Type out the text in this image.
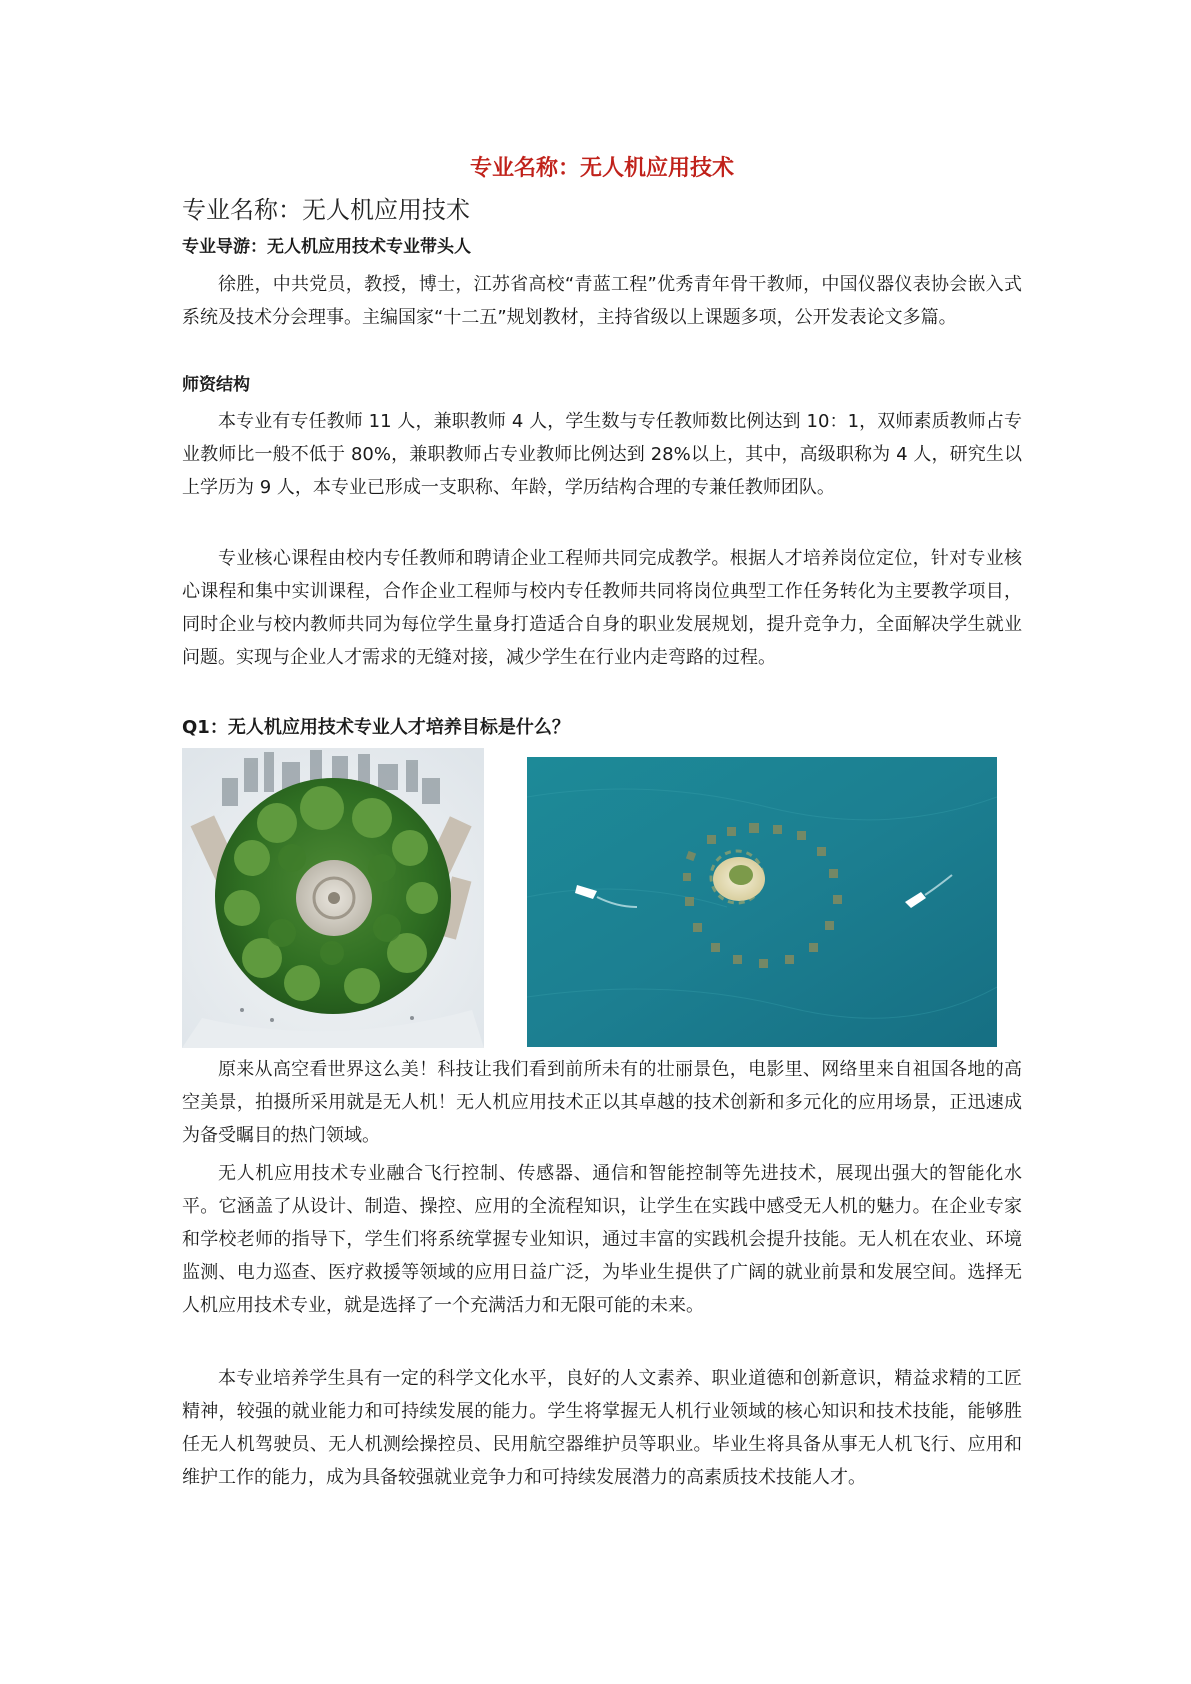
专业名称：无人机应用技术
专业名称：无人机应用技术
专业导游：无人机应用技术专业带头人

徐胜，中共党员，教授，博士，江苏省高校“青蓝工程”优秀青年骨干教师，中国仪器仪表协会嵌入式系统及技术分会理事。主编国家“十二五”规划教材，主持省级以上课题多项，公开发表论文多篇。

师资结构

本专业有专任教师 11 人，兼职教师 4 人，学生数与专任教师数比例达到 10：1，双师素质教师占专业教师比一般不低于 80%，兼职教师占专业教师比例达到 28%以上，其中，高级职称为 4 人，研究生以上学历为 9 人，本专业已形成一支职称、年龄，学历结构合理的专兼任教师团队。

专业核心课程由校内专任教师和聘请企业工程师共同完成教学。根据人才培养岗位定位，针对专业核心课程和集中实训课程，合作企业工程师与校内专任教师共同将岗位典型工作任务转化为主要教学项目，同时企业与校内教师共同为每位学生量身打造适合自身的职业发展规划，提升竞争力，全面解决学生就业问题。实现与企业人才需求的无缝对接，减少学生在行业内走弯路的过程。

Q1：无人机应用技术专业人才培养目标是什么？

原来从高空看世界这么美！科技让我们看到前所未有的壮丽景色，电影里、网络里来自祖国各地的高空美景，拍摄所采用就是无人机！无人机应用技术正以其卓越的技术创新和多元化的应用场景，正迅速成为备受瞩目的热门领域。

无人机应用技术专业融合飞行控制、传感器、通信和智能控制等先进技术，展现出强大的智能化水平。它涵盖了从设计、制造、操控、应用的全流程知识，让学生在实践中感受无人机的魅力。在企业专家和学校老师的指导下，学生们将系统掌握专业知识，通过丰富的实践机会提升技能。无人机在农业、环境监测、电力巡查、医疗救援等领域的应用日益广泛，为毕业生提供了广阔的就业前景和发展空间。选择无人机应用技术专业，就是选择了一个充满活力和无限可能的未来。

本专业培养学生具有一定的科学文化水平，良好的人文素养、职业道德和创新意识，精益求精的工匠精神，较强的就业能力和可持续发展的能力。学生将掌握无人机行业领域的核心知识和技术技能，能够胜任无人机驾驶员、无人机测绘操控员、民用航空器维护员等职业。毕业生将具备从事无人机飞行、应用和维护工作的能力，成为具备较强就业竞争力和可持续发展潜力的高素质技术技能人才。
